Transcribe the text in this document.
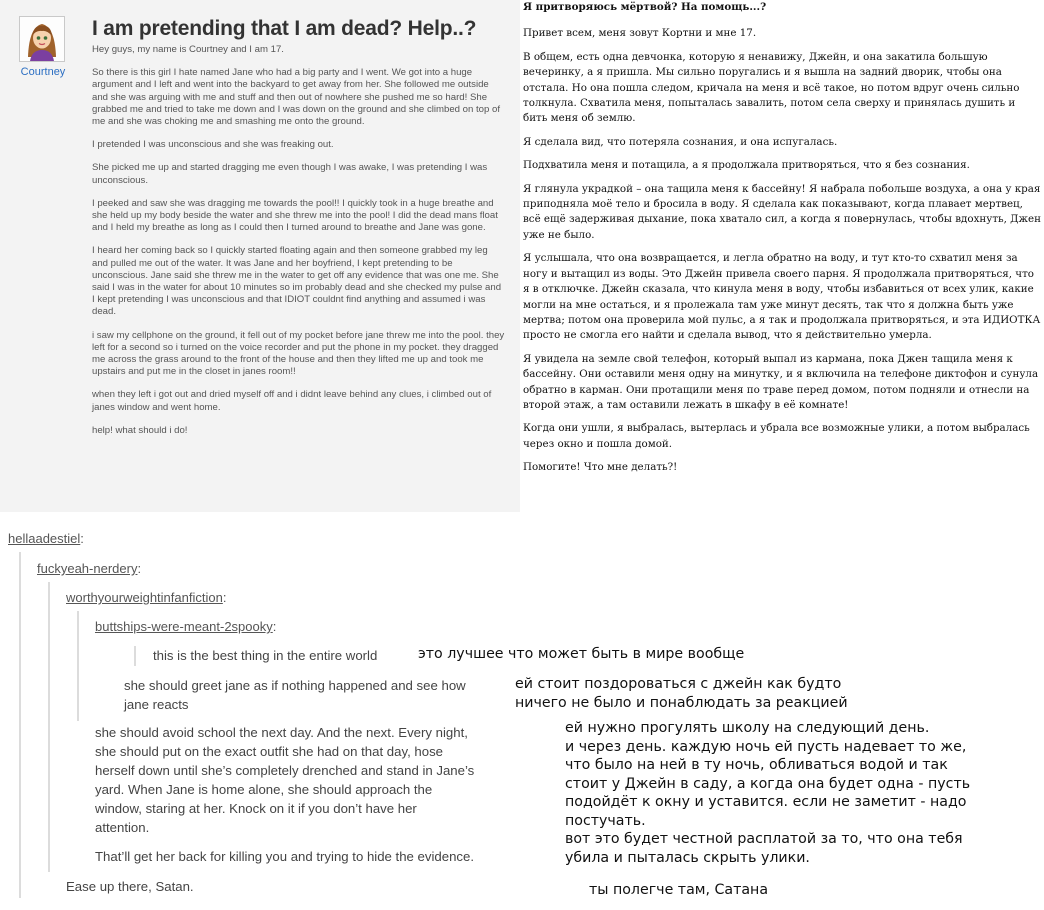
Courtney
I am pretending that I am dead? Help..?

Hey guys, my name is Courtney and I am 17.

So there is this girl I hate named Jane who had a big party and I went. We got into a huge argument and I left and went into the backyard to get away from her. She followed me outside and she was arguing with me and stuff and then out of nowhere she pushed me so hard! She grabbed me and tried to take me down and I was down on the ground and she climbed on top of me and she was choking me and smashing me onto the ground.

I pretended I was unconscious and she was freaking out.

She picked me up and started dragging me even though I was awake, I was pretending I was unconscious.

I peeked and saw she was dragging me towards the pool!! I quickly took in a huge breathe and she held up my body beside the water and she threw me into the pool! I did the dead mans float and I held my breathe as long as I could then I turned around to breathe and Jane was gone.

I heard her coming back so I quickly started floating again and then someone grabbed my leg and pulled me out of the water. It was Jane and her boyfriend, I kept pretending to be unconscious. Jane said she threw me in the water to get off any evidence that was one me. She said I was in the water for about 10 minutes so im probably dead and she checked my pulse and I kept pretending I was unconscious and that IDIOT couldnt find anything and assumed i was dead.

i saw my cellphone on the ground, it fell out of my pocket before jane threw me into the pool. they left for a second so i turned on the voice recorder and put the phone in my pocket. they dragged me across the grass around to the front of the house and then they lifted me up and took me upstairs and put me in the closet in janes room!!

when they left i got out and dried myself off and i didnt leave behind any clues, i climbed out of janes window and went home.

help! what should i do!

Я притворяюсь мёртвой? На помощь...?

Привет всем, меня зовут Кортни и мне 17.

В общем, есть одна девчонка, которую я ненавижу, Джейн, и она закатила большую вечеринку, а я пришла. Мы сильно поругались и я вышла на задний дворик, чтобы она отстала. Но она пошла следом, кричала на меня и всё такое, но потом вдруг очень сильно толкнула. Схватила меня, попыталась завалить, потом села сверху и принялась душить и бить меня об землю.

Я сделала вид, что потеряла сознания, и она испугалась.

Подхватила меня и потащила, а я продолжала притворяться, что я без сознания.

Я глянула украдкой – она тащила меня к бассейну! Я набрала побольше воздуха, а она у края приподняла моё тело и бросила в воду. Я сделала как показывают, когда плавает мертвец, всё ещё задерживая дыхание, пока хватало сил, а когда я повернулась, чтобы вдохнуть, Джен уже не было.

Я услышала, что она возвращается, и легла обратно на воду, и тут кто-то схватил меня за ногу и вытащил из воды. Это Джейн привела своего парня. Я продолжала притворяться, что я в отключке. Джейн сказала, что кинула меня в воду, чтобы избавиться от всех улик, какие могли на мне остаться, и я пролежала там уже минут десять, так что я должна быть уже мертва; потом она проверила мой пульс, а я так и продолжала притворяться, и эта ИДИОТКА просто не смогла его найти и сделала вывод, что я действительно умерла.

Я увидела на земле свой телефон, который выпал из кармана, пока Джен тащила меня к бассейну. Они оставили меня одну на минутку, и я включила на телефоне диктофон и сунула обратно в карман. Они протащили меня по траве перед домом, потом подняли и отнесли на второй этаж, а там оставили лежать в шкафу в её комнате!

Когда они ушли, я выбралась, вытерлась и убрала все возможные улики, а потом выбралась через окно и пошла домой.

Помогите! Что мне делать?!

hellaadestiel:
fuckyeah-nerdery:
worthyourweightinfanfiction:
buttships-were-meant-2spooky:
this is the best thing in the entire world	это лучшее что может быть в мире вообще
she should greet jane as if nothing happened and see how
jane reacts
ей стоит поздороваться с джейн как будто
ничего не было и понаблюдать за реакцией
she should avoid school the next day. And the next. Every night,
she should put on the exact outfit she had on that day, hose
herself down until she’s completely drenched and stand in Jane’s
yard. When Jane is home alone, she should approach the
window, staring at her. Knock on it if you don’t have her
attention.
That’ll get her back for killing you and trying to hide the evidence.
ей нужно прогулять школу на следующий день.
и через день. каждую ночь ей пусть надевает то же,
что было на ней в ту ночь, обливаться водой и так
стоит у Джейн в саду, а когда она будет одна - пусть
подойдёт к окну и уставится. если не заметит - надо
постучать.
вот это будет честной расплатой за то, что она тебя
убила и пыталась скрыть улики.
Ease up there, Satan.	ты полегче там, Сатана
